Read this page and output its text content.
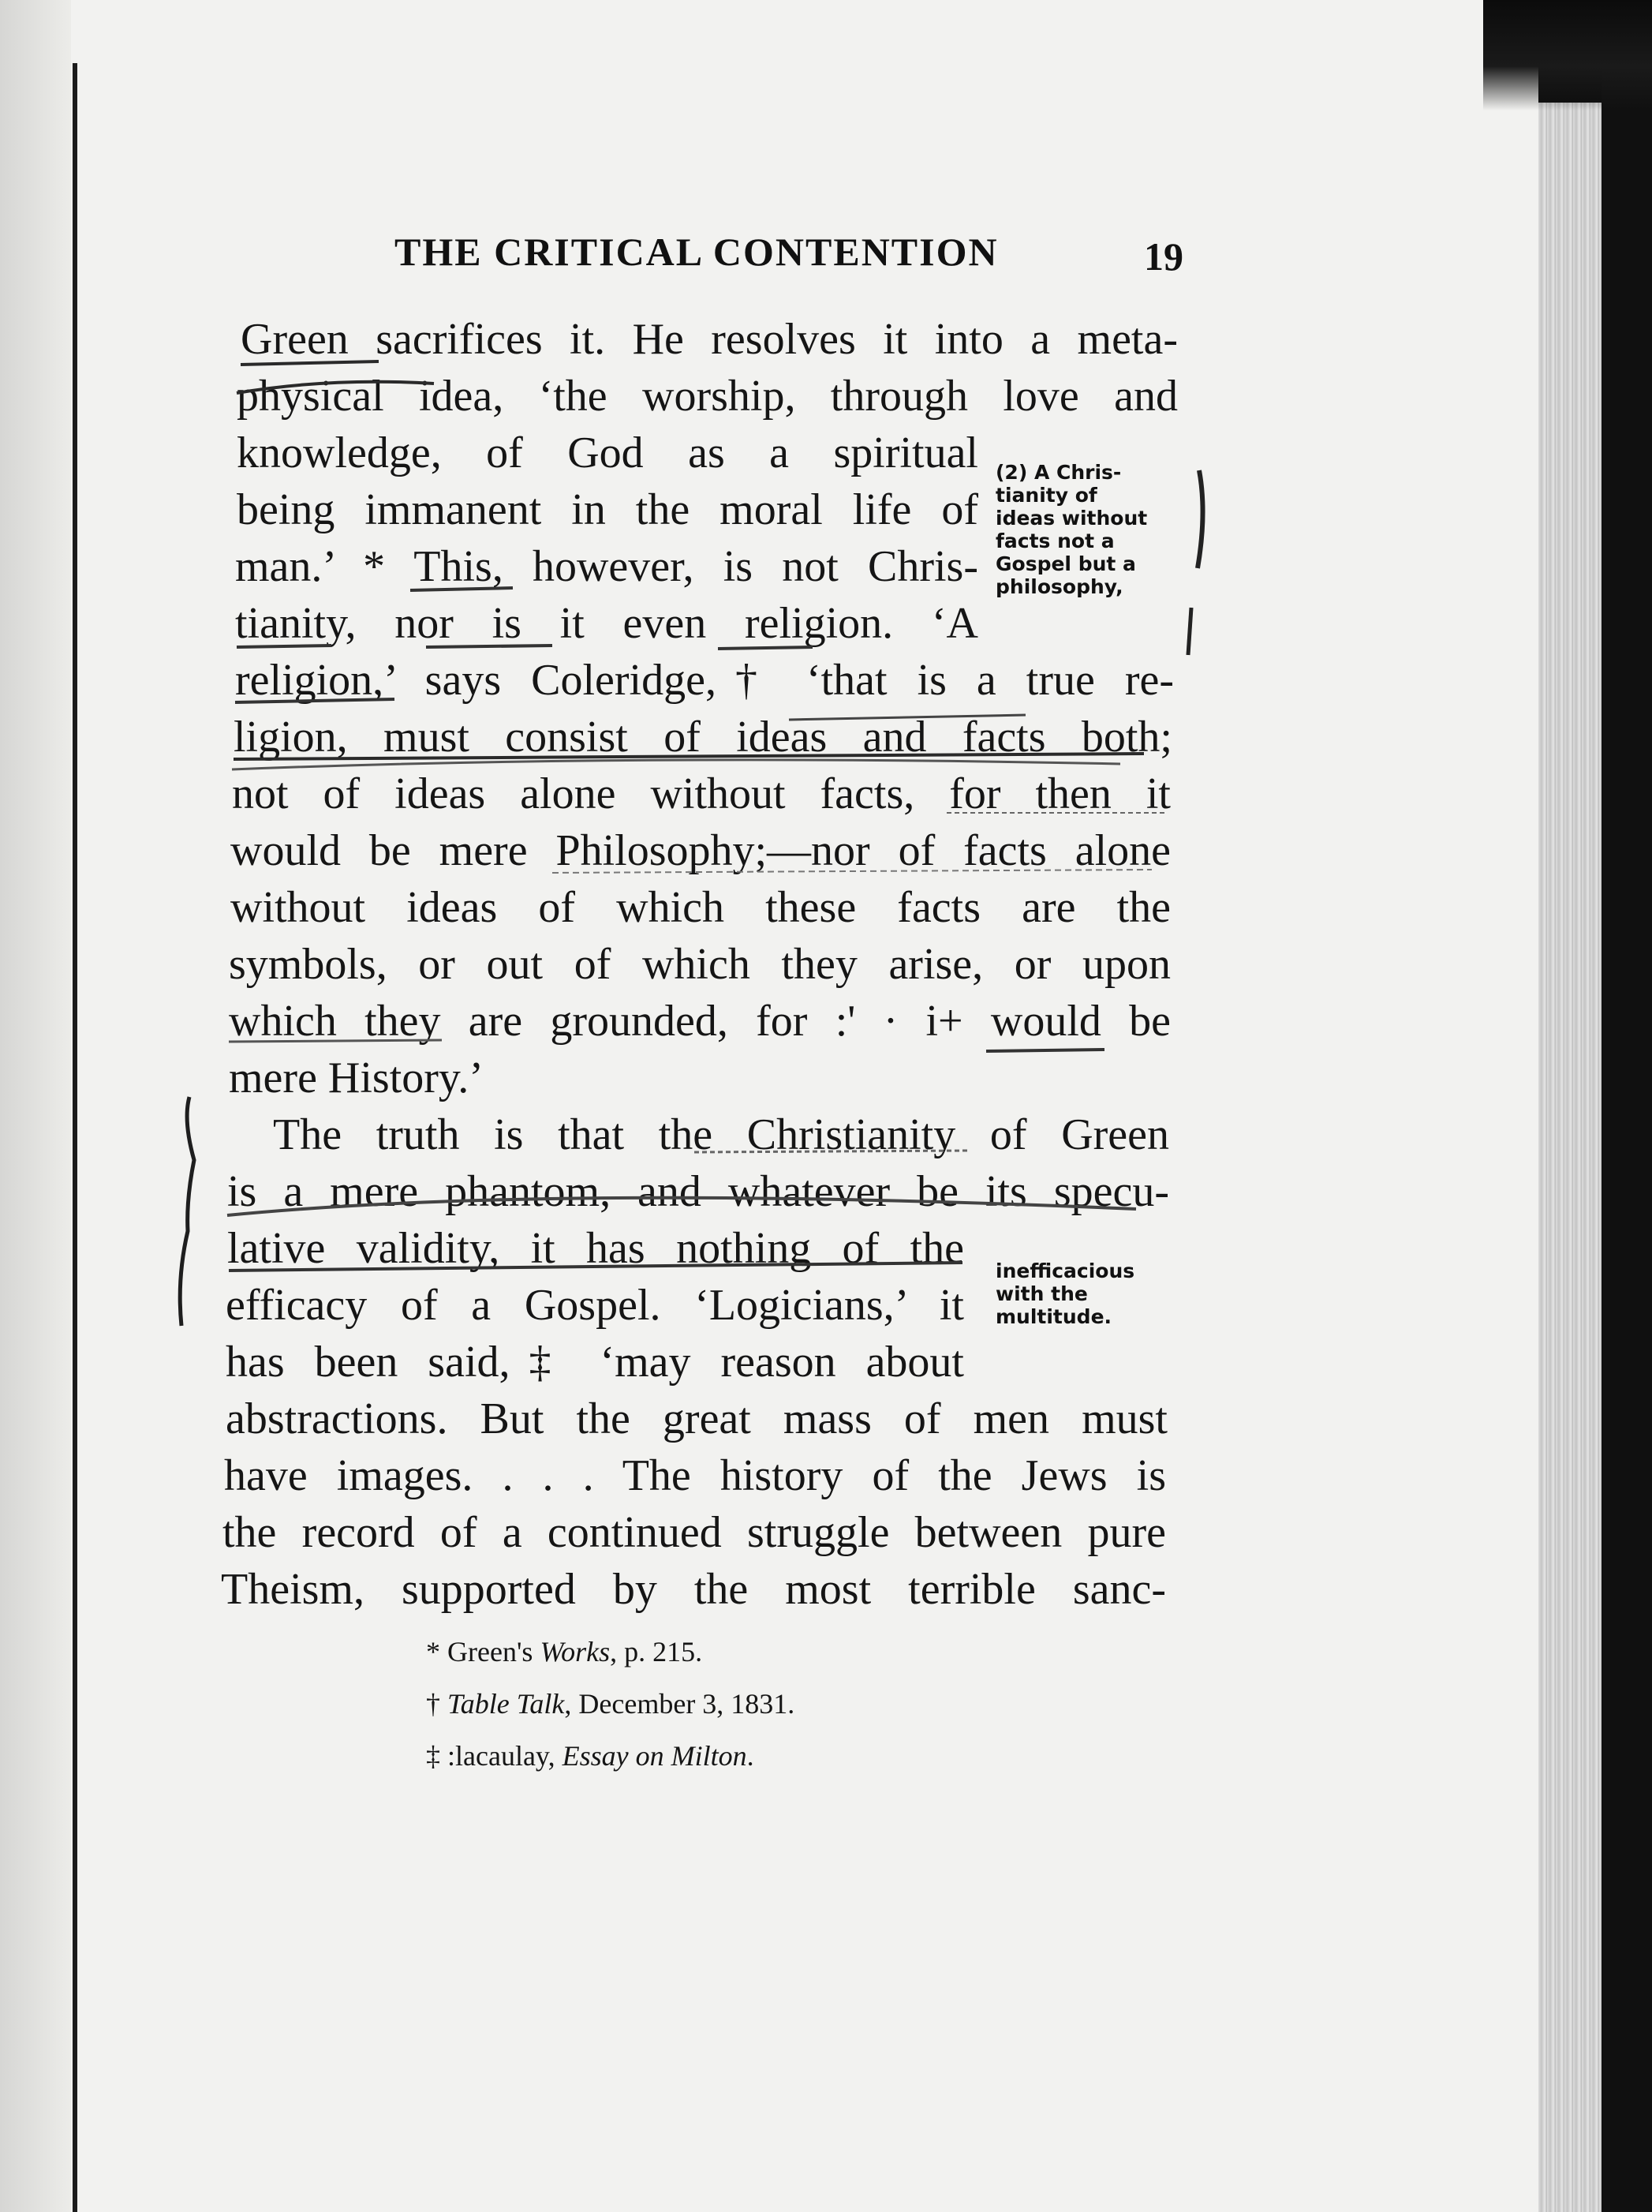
THE CRITICAL CONTENTION	19
Green sacrifices it. He resolves it into a meta-
physical idea, ‘the worship, through love and
knowledge, of God as a spiritual
being immanent in the moral life of
man.’ * This, however, is not Chris-
tianity, nor is it even religion. ‘A
religion,’ says Coleridge,† ‘that is a true re-
ligion, must consist of ideas and facts both;
not of ideas alone without facts, for then it
would be mere Philosophy;—nor of facts alone
without ideas of which these facts are the
symbols, or out of which they arise, or upon
which they are grounded, for :' · i+ would be
mere History.’
The truth is that the Christianity of Green
is a mere phantom, and whatever be its specu-
lative validity, it has nothing of the
efficacy of a Gospel. ‘Logicians,’ it
has been said,‡ ‘may reason about
abstractions. But the great mass of men must
have images. . . . The history of the Jews is
the record of a continued struggle between pure
Theism, supported by the most terrible sanc-
(2) A Chris-
tianity of
ideas without
facts not a
Gospel but a
philosophy,
inefficacious
with the
multitude.
* Green's Works, p. 215.
† Table Talk, December 3, 1831.
‡ :lacaulay, Essay on Milton.
